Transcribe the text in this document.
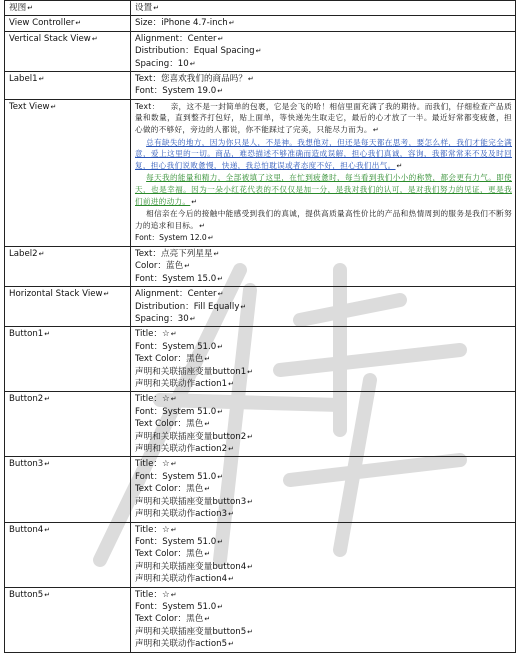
视图↵	设置↵
View Controller↵	Size：iPhone 4.7-inch↵

Vertical Stack View↵	Alignment：Center↵
Distribution：Equal Spacing↵
Spacing：10↵

Label1↵	Text：您喜欢我们的商品吗？↵
Font：System 19.0↵

Text View↵	Text： 亲，这不是一封简单的包裹，它是会飞的哈！相信里面充满了我的期待。而我们，仔细检查产品质量和数量，直到整齐打包好，贴上面单，等快递先生取走它，最后的心才放了一半。最近好常都变疲惫，担心做的不够好，旁边的人都说，你不能踩过了完美，只能尽力而为。↵
总有缺失的地方，因为你只是人，不是神。我想他对，但还是每天都在思考，要怎么样，我们才能完全满意，爱上这里的一切。商品，难恐描述不够准确而造成误解，担心我们真诚，容询，我都常常来不及及时回复，担心我们说败惫慢，快递，我总怕耽误或者态度不好，担心我们出气。↵
每天我的能量和精力，全部被填了这里，在忙到疲惫时，每当看到我们小小的称赞，都会更有力气。即使天，也是幸福。因为一朵小红花代表的不仅仅是加一分，是我对我们的认可，是对我们努力的见证，更是我们前进的动力。↵
相信亲在今后的接触中能感受到我们的真诚，提供高质量高性价比的产品和热情周到的服务是我们不断努力的追求和目标。↵
Font：System 12.0↵

Label2↵	Text：点亮下列星星↵
Color：蓝色↵
Font：System 15.0↵

Horizontal Stack View↵	Alignment：Center↵
Distribution：Fill Equally↵
Spacing：30↵

Button1↵	Title：☆↵
Font：System 51.0↵
Text Color：黑色↵
声明和关联插座变量button1↵
声明和关联动作action1↵

Button2↵	Title：☆↵
Font：System 51.0↵
Text Color：黑色↵
声明和关联插座变量button2↵
声明和关联动作action2↵

Button3↵	Title：☆↵
Font：System 51.0↵
Text Color：黑色↵
声明和关联插座变量button3↵
声明和关联动作action3↵

Button4↵	Title：☆↵
Font：System 51.0↵
Text Color：黑色↵
声明和关联插座变量button4↵
声明和关联动作action4↵

Button5↵	Title：☆↵
Font：System 51.0↵
Text Color：黑色↵
声明和关联插座变量button5↵
声明和关联动作action5↵
